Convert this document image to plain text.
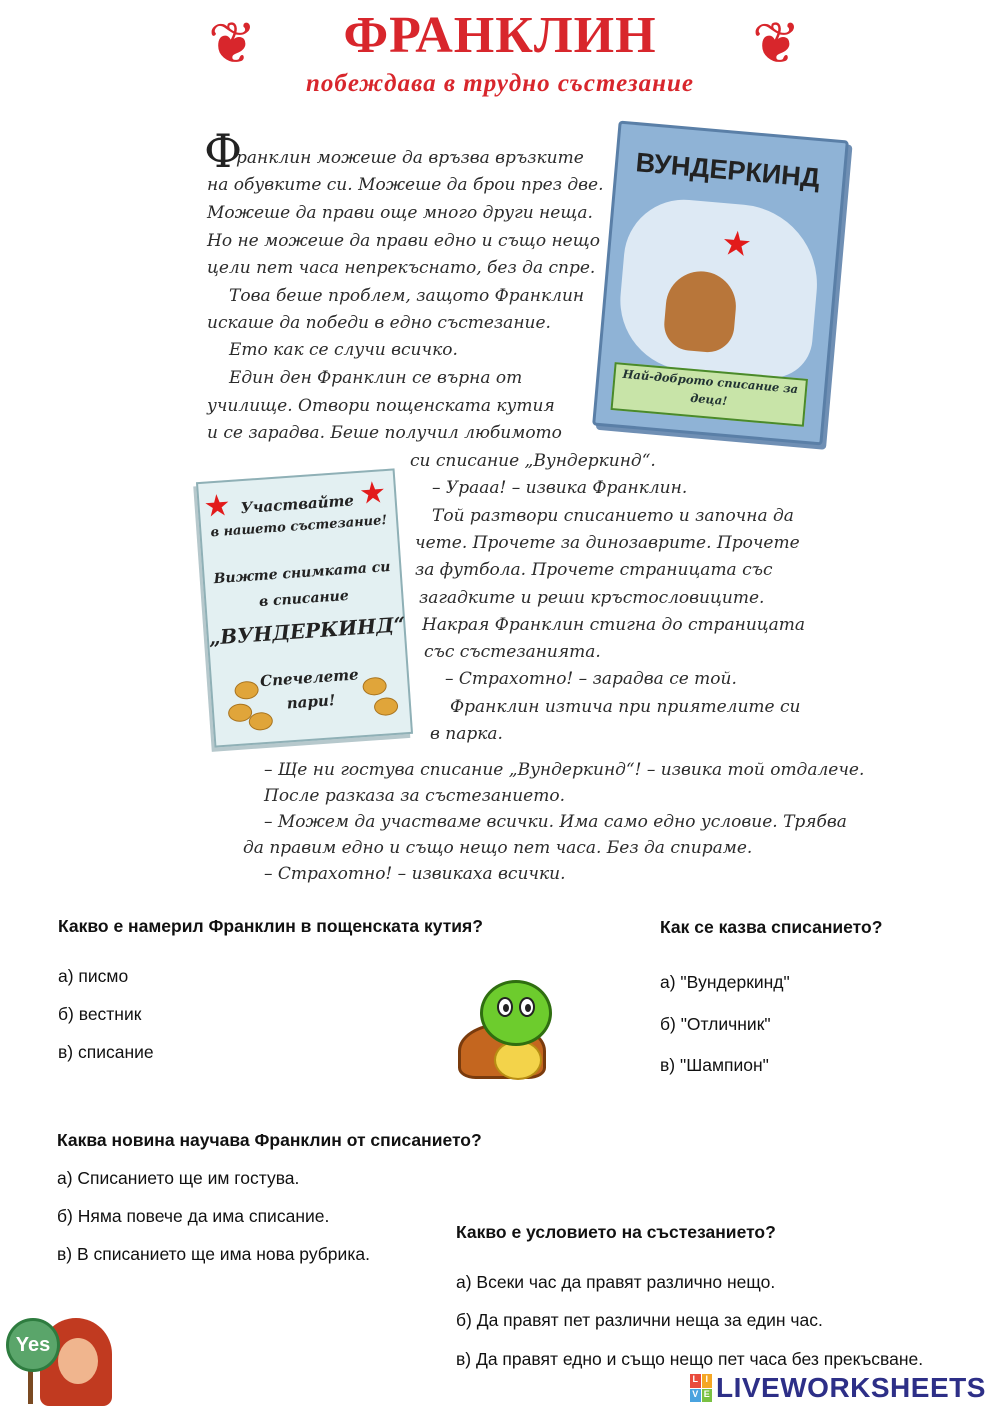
❦	❦
ФРАНКЛИН
побеждава в трудно състезание
ВУНДЕРКИНД
★
Най-доброто списание за деца!
Ф
ранклин можеше да връзва връзките
на обувките си. Можеше да брои през две.
Можеше да прави още много други неща.
Но не можеше да прави едно и също нещо
цели пет часа непрекъснато, без да спре.
Това беше проблем, защото Франклин
искаше да победи в едно състезание.
Ето как се случи всичко.
Един ден Франклин се върна от
училище. Отвори пощенската кутия
и се зарадва. Беше получил любимото
си списание „Вундеркинд“.
– Урааа! – извика Франклин.
Той разтвори списанието и започна да
чете. Прочете за динозаврите. Прочете
за футбола. Прочете страницата със
загадките и реши кръстословиците.
Накрая Франклин стигна до страницата
със състезанията.
– Страхотно! – зарадва се той.
Франклин изтича при приятелите си
в парка.
– Ще ни гостува списание „Вундеркинд“! – извика той отдалече.
После разказа за състезанието.
– Можем да участваме всички. Има само едно условие. Трябва
да правим едно и също нещо пет часа. Без да спираме.
– Страхотно! – извикаха всички.
★	★
Участвайте
в нашето състезание!
Вижте снимката си
в списание
„ВУНДЕРКИНД“
Спечелете
пари!
Какво е намерил Франклин в пощенската кутия?
а) писмо
б) вестник
в) списание
Как се казва списанието?
а) "Вундеркинд"
б) "Отличник"
в) "Шампион"
Каква новина научава Франклин от списанието?
а) Списанието ще им гостува.
б) Няма повече да има списание.
в) В списанието ще има нова рубрика.
Какво е условието на състезанието?
а) Всеки час да правят различно нещо.
б) Да правят пет различни неща за един час.
в) Да правят едно и също нещо пет часа без прекъсване.
Yes
L I
V E LIVEWORKSHEETS
